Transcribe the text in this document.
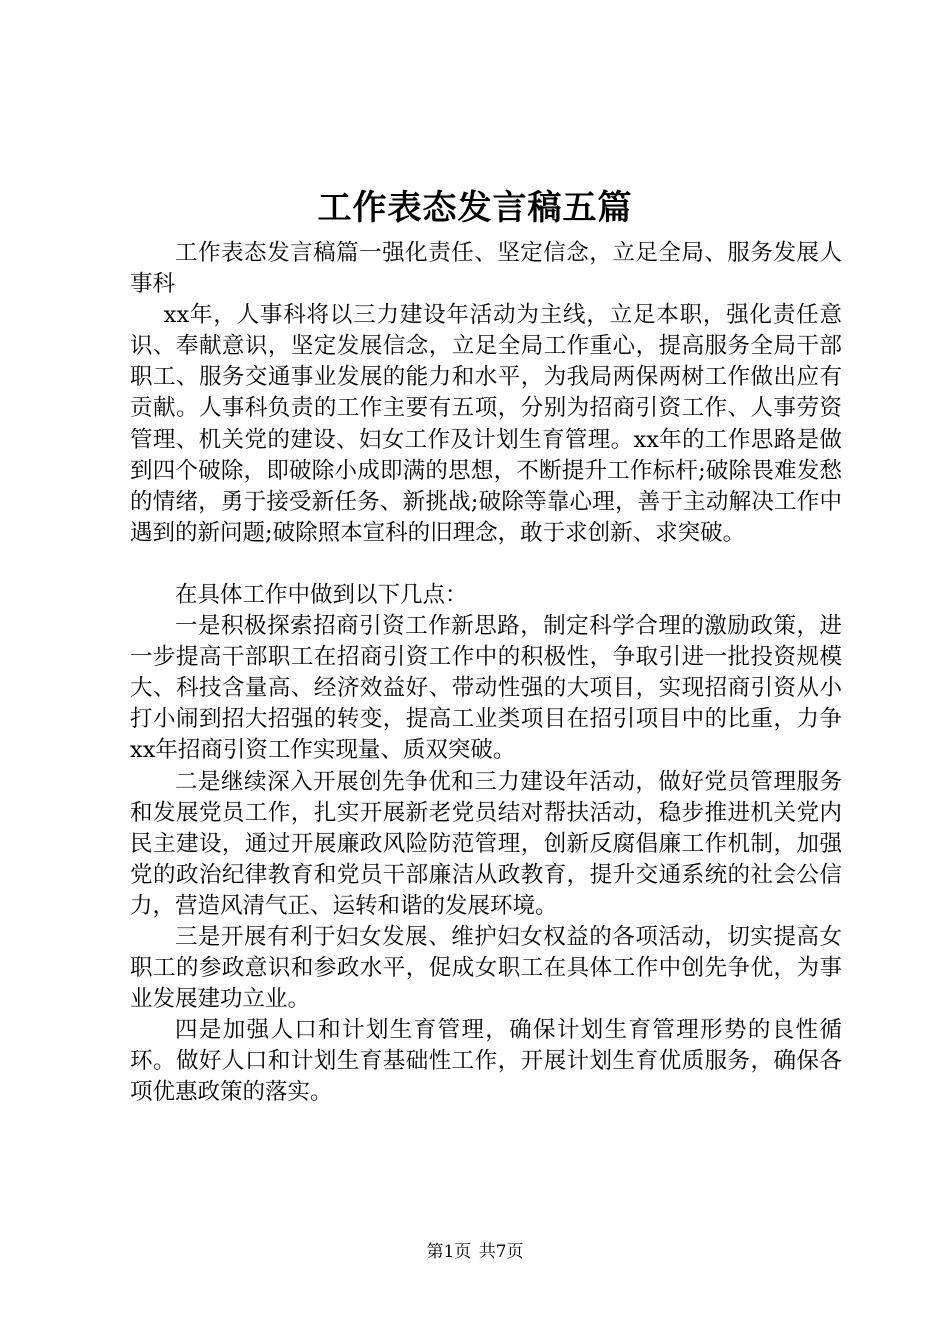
工作表态发言稿五篇

工作表态发言稿篇一强化责任、坚定信念，立足全局、服务发展人事科

xx年，人事科将以三力建设年活动为主线，立足本职，强化责任意识、奉献意识，坚定发展信念，立足全局工作重心，提高服务全局干部职工、服务交通事业发展的能力和水平，为我局两保两树工作做出应有贡献。人事科负责的工作主要有五项，分别为招商引资工作、人事劳资管理、机关党的建设、妇女工作及计划生育管理。xx年的工作思路是做到四个破除，即破除小成即满的思想，不断提升工作标杆;破除畏难发愁的情绪，勇于接受新任务、新挑战;破除等靠心理，善于主动解决工作中遇到的新问题;破除照本宣科的旧理念，敢于求创新、求突破。

在具体工作中做到以下几点：

一是积极探索招商引资工作新思路，制定科学合理的激励政策，进一步提高干部职工在招商引资工作中的积极性，争取引进一批投资规模大、科技含量高、经济效益好、带动性强的大项目，实现招商引资从小打小闹到招大招强的转变，提高工业类项目在招引项目中的比重，力争xx年招商引资工作实现量、质双突破。

二是继续深入开展创先争优和三力建设年活动，做好党员管理服务和发展党员工作，扎实开展新老党员结对帮扶活动，稳步推进机关党内民主建设，通过开展廉政风险防范管理，创新反腐倡廉工作机制，加强党的政治纪律教育和党员干部廉洁从政教育，提升交通系统的社会公信力，营造风清气正、运转和谐的发展环境。

三是开展有利于妇女发展、维护妇女权益的各项活动，切实提高女职工的参政意识和参政水平，促成女职工在具体工作中创先争优，为事业发展建功立业。

四是加强人口和计划生育管理，确保计划生育管理形势的良性循环。做好人口和计划生育基础性工作，开展计划生育优质服务，确保各项优惠政策的落实。

第1页 共7页
